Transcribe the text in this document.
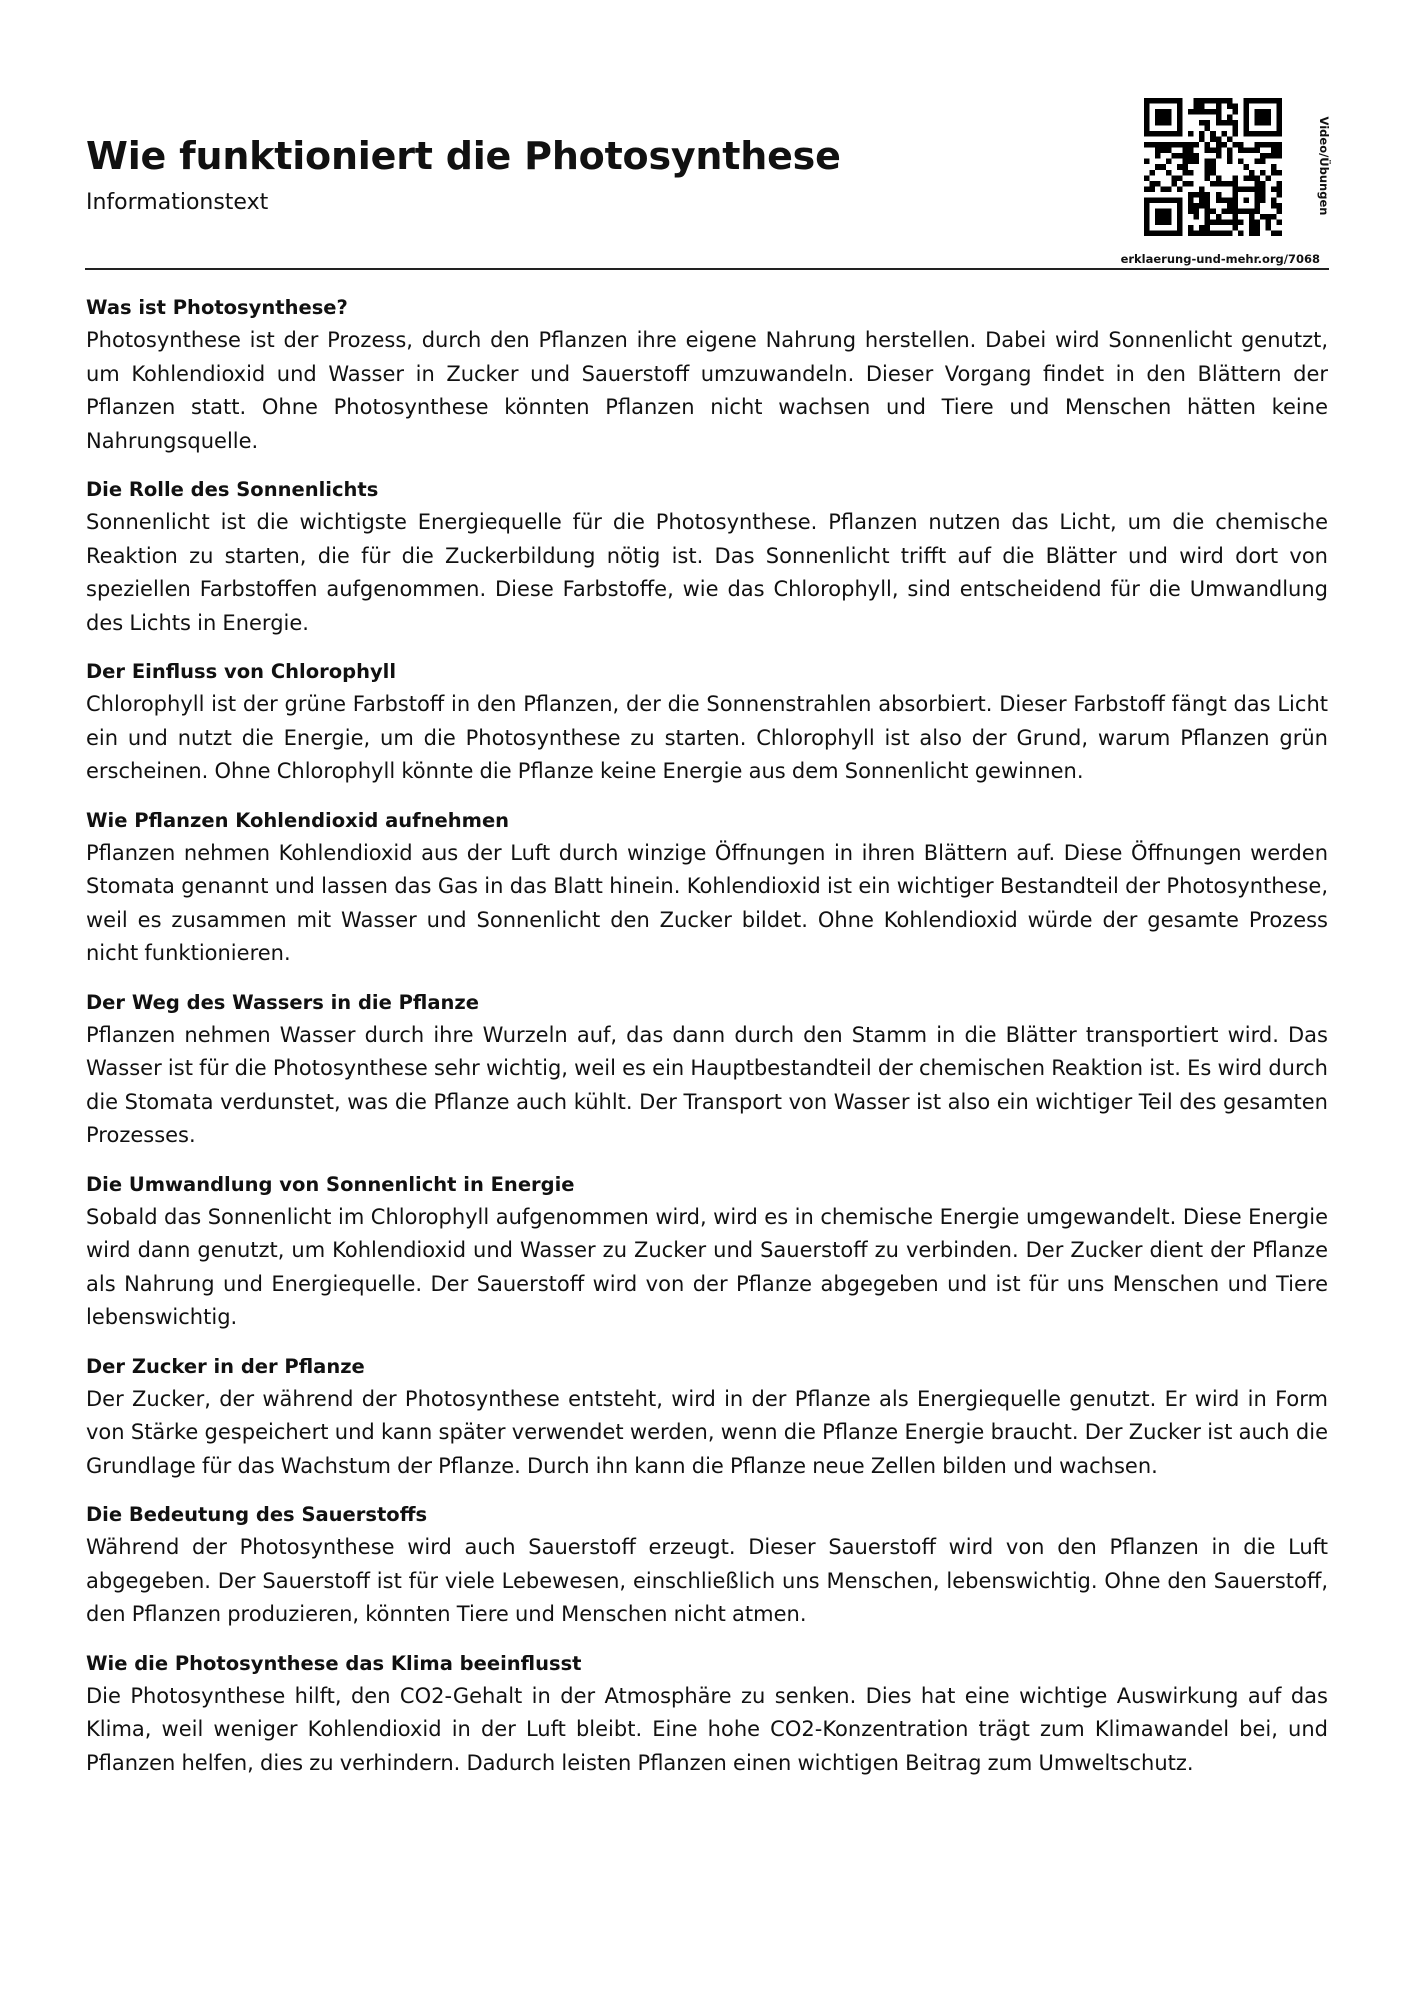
Wie funktioniert die Photosynthese
Informationstext	Video/Übungen
erklaerung-und-mehr.org/7068
Was ist Photosynthese?

Photosynthese ist der Prozess, durch den Pflanzen ihre eigene Nahrung herstellen. Dabei wird Sonnenlicht genutzt, um Kohlendioxid und Wasser in Zucker und Sauerstoff umzuwandeln. Dieser Vorgang findet in den Blättern der Pflanzen statt. Ohne Photosynthese könnten Pflanzen nicht wachsen und Tiere und Menschen hätten keine Nahrungsquelle.

Die Rolle des Sonnenlichts

Sonnenlicht ist die wichtigste Energiequelle für die Photosynthese. Pflanzen nutzen das Licht, um die chemische Reaktion zu starten, die für die Zuckerbildung nötig ist. Das Sonnenlicht trifft auf die Blätter und wird dort von speziellen Farbstoffen aufgenommen. Diese Farbstoffe, wie das Chlorophyll, sind entscheidend für die Umwandlung des Lichts in Energie.

Der Einfluss von Chlorophyll

Chlorophyll ist der grüne Farbstoff in den Pflanzen, der die Sonnenstrahlen absorbiert. Dieser Farbstoff fängt das Licht ein und nutzt die Energie, um die Photosynthese zu starten. Chlorophyll ist also der Grund, warum Pflanzen grün erscheinen. Ohne Chlorophyll könnte die Pflanze keine Energie aus dem Sonnenlicht gewinnen.

Wie Pflanzen Kohlendioxid aufnehmen

Pflanzen nehmen Kohlendioxid aus der Luft durch winzige Öffnungen in ihren Blättern auf. Diese Öffnungen werden Stomata genannt und lassen das Gas in das Blatt hinein. Kohlendioxid ist ein wichtiger Bestandteil der Photosynthese, weil es zusammen mit Wasser und Sonnenlicht den Zucker bildet. Ohne Kohlendioxid würde der gesamte Prozess nicht funktionieren.

Der Weg des Wassers in die Pflanze

Pflanzen nehmen Wasser durch ihre Wurzeln auf, das dann durch den Stamm in die Blätter transportiert wird. Das Wasser ist für die Photosynthese sehr wichtig, weil es ein Hauptbestandteil der chemischen Reaktion ist. Es wird durch die Stomata verdunstet, was die Pflanze auch kühlt. Der Transport von Wasser ist also ein wichtiger Teil des gesamten Prozesses.

Die Umwandlung von Sonnenlicht in Energie

Sobald das Sonnenlicht im Chlorophyll aufgenommen wird, wird es in chemische Energie umgewandelt. Diese Energie wird dann genutzt, um Kohlendioxid und Wasser zu Zucker und Sauerstoff zu verbinden. Der Zucker dient der Pflanze als Nahrung und Energiequelle. Der Sauerstoff wird von der Pflanze abgegeben und ist für uns Menschen und Tiere lebenswichtig.

Der Zucker in der Pflanze

Der Zucker, der während der Photosynthese entsteht, wird in der Pflanze als Energiequelle genutzt. Er wird in Form von Stärke gespeichert und kann später verwendet werden, wenn die Pflanze Energie braucht. Der Zucker ist auch die Grundlage für das Wachstum der Pflanze. Durch ihn kann die Pflanze neue Zellen bilden und wachsen.

Die Bedeutung des Sauerstoffs

Während der Photosynthese wird auch Sauerstoff erzeugt. Dieser Sauerstoff wird von den Pflanzen in die Luft abgegeben. Der Sauerstoff ist für viele Lebewesen, einschließlich uns Menschen, lebenswichtig. Ohne den Sauerstoff, den Pflanzen produzieren, könnten Tiere und Menschen nicht atmen.

Wie die Photosynthese das Klima beeinflusst

Die Photosynthese hilft, den CO2-Gehalt in der Atmosphäre zu senken. Dies hat eine wichtige Auswirkung auf das Klima, weil weniger Kohlendioxid in der Luft bleibt. Eine hohe CO2-Konzentration trägt zum Klimawandel bei, und Pflanzen helfen, dies zu verhindern. Dadurch leisten Pflanzen einen wichtigen Beitrag zum Umweltschutz.
